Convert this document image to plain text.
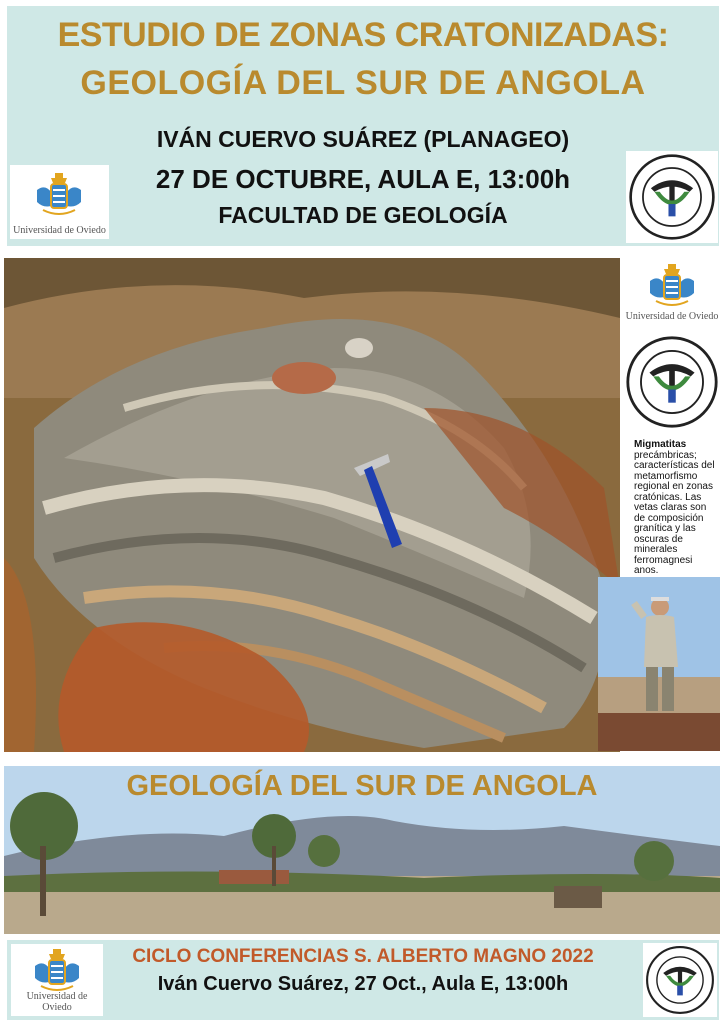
ESTUDIO DE ZONAS CRATONIZADAS:
GEOLOGÍA DEL SUR DE ANGOLA
IVÁN CUERVO SUÁREZ (PLANAGEO)
27 DE OCTUBRE, AULA E, 13:00h
FACULTAD DE GEOLOGÍA
Universidad de Oviedo
Universidad de Oviedo
Migmatitas precámbricas; características del metamorfismo regional en zonas cratónicas. Las vetas claras son de composición granítica y las oscuras de minerales ferromagnesi anos.
GEOLOGÍA DEL SUR DE ANGOLA
Universidad de Oviedo
CICLO CONFERENCIAS S. ALBERTO MAGNO 2022
Iván Cuervo Suárez, 27 Oct., Aula E, 13:00h
